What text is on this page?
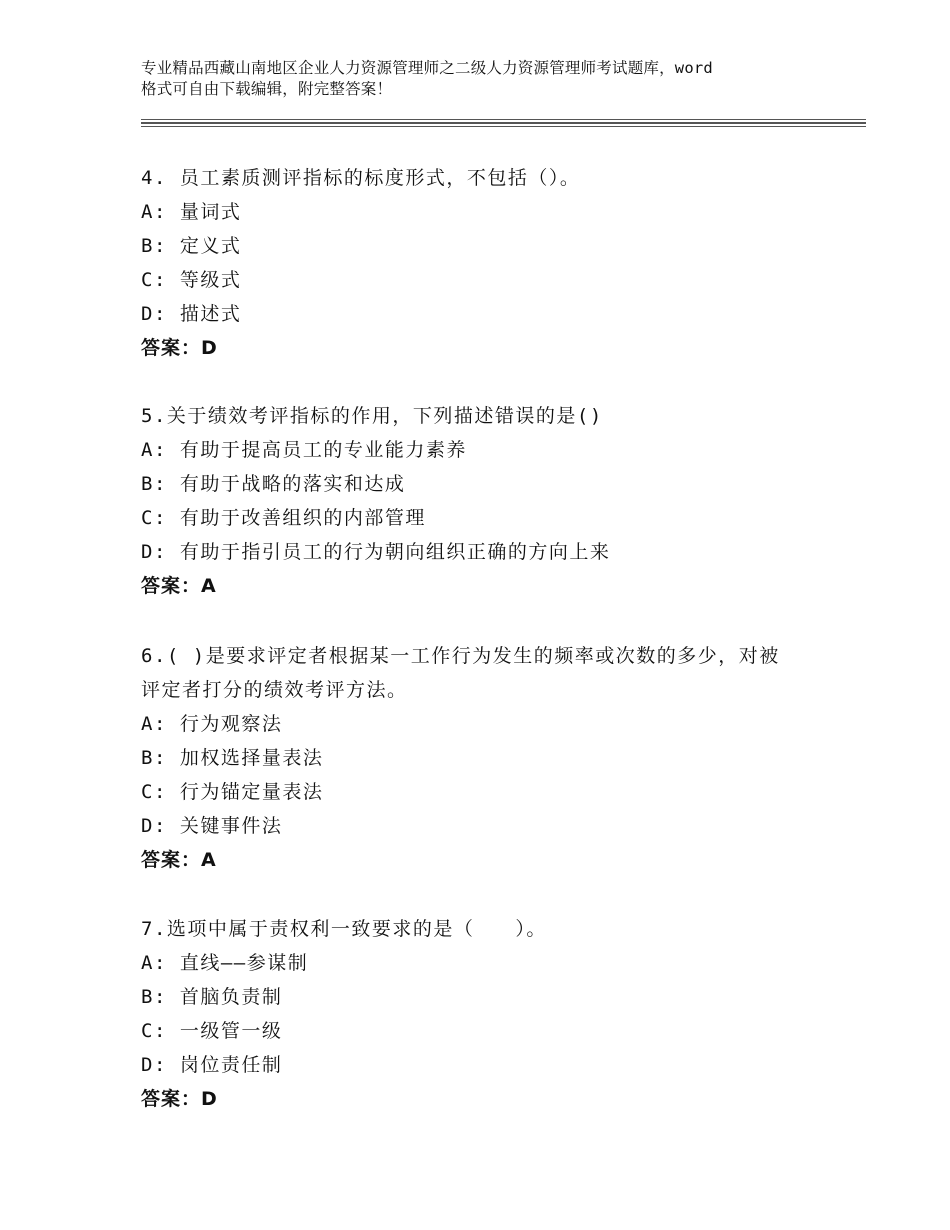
专业精品西藏山南地区企业人力资源管理师之二级人力资源管理师考试题库，word
格式可自由下载编辑，附完整答案！
4. 员工素质测评指标的标度形式，不包括（）。
A: 量词式
B: 定义式
C: 等级式
D: 描述式
答案：D
5.关于绩效考评指标的作用，下列描述错误的是()
A: 有助于提高员工的专业能力素养
B: 有助于战略的落实和达成
C: 有助于改善组织的内部管理
D: 有助于指引员工的行为朝向组织正确的方向上来
答案：A
6.( )是要求评定者根据某一工作行为发生的频率或次数的多少，对被
评定者打分的绩效考评方法。
A: 行为观察法
B: 加权选择量表法
C: 行为锚定量表法
D: 关键事件法
答案：A
7.选项中属于责权利一致要求的是（　　）。
A: 直线——参谋制
B: 首脑负责制
C: 一级管一级
D: 岗位责任制
答案：D
